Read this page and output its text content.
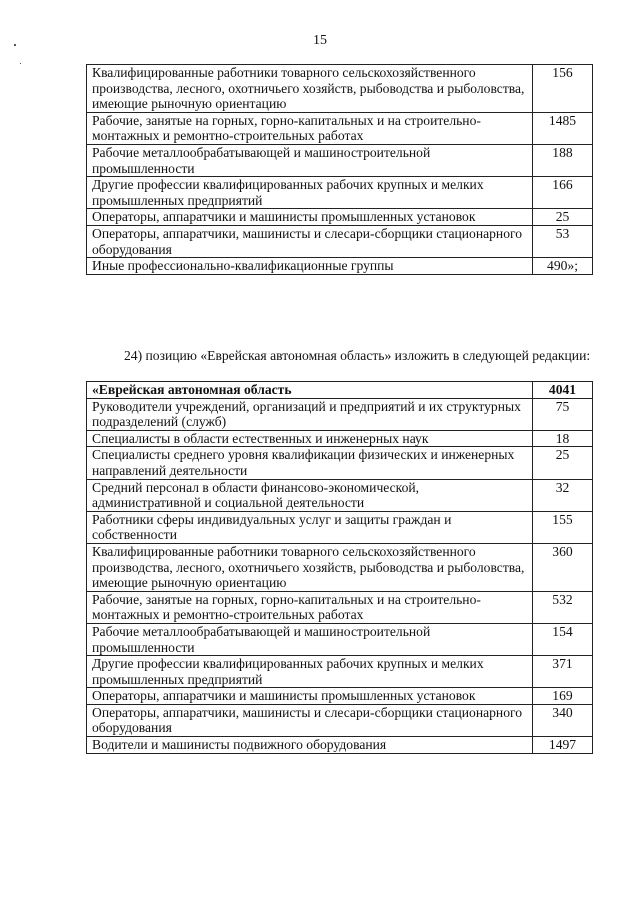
15
Квалифицированные работники товарного сельскохозяйственного производства, лесного, охотничьего хозяйств, рыбоводства и рыболовства, имеющие рыночную ориентацию	156
Рабочие, занятые на горных, горно-капитальных и на строительно-монтажных и ремонтно-строительных работах	1485
Рабочие металлообрабатывающей и машиностроительной промышленности	188
Другие профессии квалифицированных рабочих крупных и мелких промышленных предприятий	166
Операторы, аппаратчики и машинисты промышленных установок	25
Операторы, аппаратчики, машинисты и слесари-сборщики стационарного оборудования	53
Иные профессионально-квалификационные группы	490»;
24) позицию «Еврейская автономная область» изложить в следующей редакции:
«Еврейская автономная область	4041
Руководители учреждений, организаций и предприятий и их структурных подразделений (служб)	75
Специалисты в области естественных и инженерных наук	18
Специалисты среднего уровня квалификации физических и инженерных направлений деятельности	25
Средний персонал в области финансово-экономической, административной и социальной деятельности	32
Работники сферы индивидуальных услуг и защиты граждан и собственности	155
Квалифицированные работники товарного сельскохозяйственного производства, лесного, охотничьего хозяйств, рыбоводства и рыболовства, имеющие рыночную ориентацию	360
Рабочие, занятые на горных, горно-капитальных и на строительно-монтажных и ремонтно-строительных работах	532
Рабочие металлообрабатывающей и машиностроительной промышленности	154
Другие профессии квалифицированных рабочих крупных и мелких промышленных предприятий	371
Операторы, аппаратчики и машинисты промышленных установок	169
Операторы, аппаратчики, машинисты и слесари-сборщики стационарного оборудования	340
Водители и машинисты подвижного оборудования	1497
